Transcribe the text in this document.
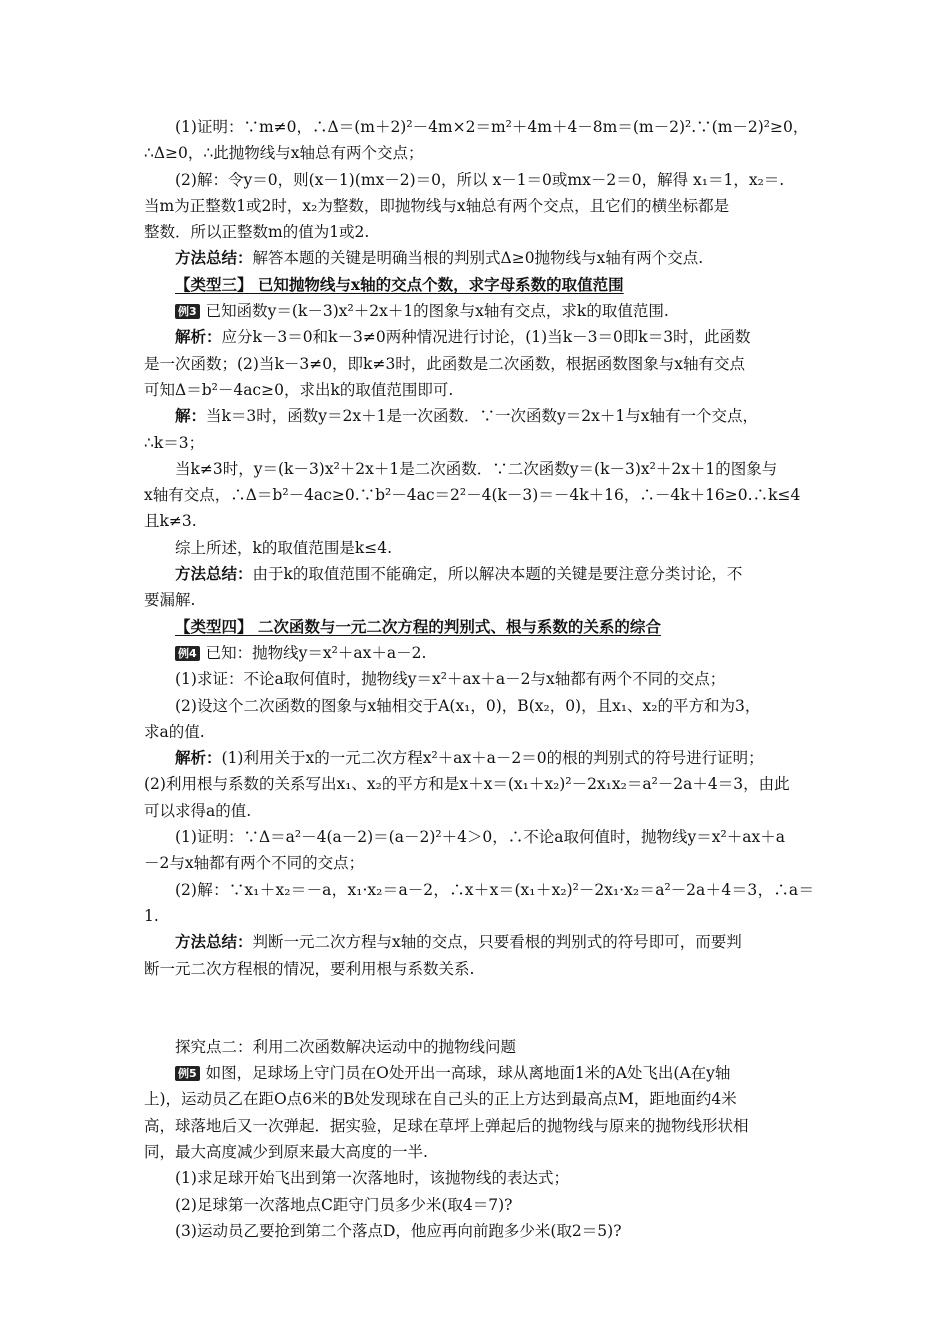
(1)证明：∵m≠0，∴Δ＝(m＋2)²－4m×2＝m²＋4m＋4－8m＝(m－2)².∵(m－2)²≥0，
∴Δ≥0，∴此抛物线与x轴总有两个交点；
(2)解：令y＝0，则(x－1)(mx－2)＝0，所以 x－1＝0或mx－2＝0，解得 x₁＝1，x₂＝.
当m为正整数1或2时，x₂为整数，即抛物线与x轴总有两个交点，且它们的横坐标都是
整数．所以正整数m的值为1或2.
方法总结：解答本题的关键是明确当根的判别式Δ≥0抛物线与x轴有两个交点.
【类型三】 已知抛物线与x轴的交点个数，求字母系数的取值范围
例3 已知函数y＝(k－3)x²＋2x＋1的图象与x轴有交点，求k的取值范围.
解析：应分k－3＝0和k－3≠0两种情况进行讨论，(1)当k－3＝0即k＝3时，此函数
是一次函数；(2)当k－3≠0，即k≠3时，此函数是二次函数，根据函数图象与x轴有交点
可知Δ＝b²－4ac≥0，求出k的取值范围即可.
解：当k＝3时，函数y＝2x＋1是一次函数．∵一次函数y＝2x＋1与x轴有一个交点，
∴k＝3；
当k≠3时，y＝(k－3)x²＋2x＋1是二次函数．∵二次函数y＝(k－3)x²＋2x＋1的图象与
x轴有交点，∴Δ＝b²－4ac≥0.∵b²－4ac＝2²－4(k－3)＝－4k＋16，∴－4k＋16≥0.∴k≤4
且k≠3.
综上所述，k的取值范围是k≤4.
方法总结：由于k的取值范围不能确定，所以解决本题的关键是要注意分类讨论，不
要漏解.
【类型四】 二次函数与一元二次方程的判别式、根与系数的关系的综合
例4 已知：抛物线y＝x²＋ax＋a－2.
(1)求证：不论a取何值时，抛物线y＝x²＋ax＋a－2与x轴都有两个不同的交点；
(2)设这个二次函数的图象与x轴相交于A(x₁，0)，B(x₂，0)，且x₁、x₂的平方和为3，
求a的值.
解析：(1)利用关于x的一元二次方程x²＋ax＋a－2＝0的根的判别式的符号进行证明；
(2)利用根与系数的关系写出x₁、x₂的平方和是x＋x＝(x₁＋x₂)²－2x₁x₂＝a²－2a＋4＝3，由此
可以求得a的值.
(1)证明：∵Δ＝a²－4(a－2)＝(a－2)²＋4＞0，∴不论a取何值时，抛物线y＝x²＋ax＋a
－2与x轴都有两个不同的交点；
(2)解：∵x₁＋x₂＝－a，x₁·x₂＝a－2，∴x＋x＝(x₁＋x₂)²－2x₁·x₂＝a²－2a＋4＝3，∴a＝1.
方法总结：判断一元二次方程与x轴的交点，只要看根的判别式的符号即可，而要判
断一元二次方程根的情况，要利用根与系数关系.
探究点二：利用二次函数解决运动中的抛物线问题
例5 如图，足球场上守门员在O处开出一高球，球从离地面1米的A处飞出(A在y轴
上)，运动员乙在距O点6米的B处发现球在自己头的正上方达到最高点M，距地面约4米
高，球落地后又一次弹起．据实验，足球在草坪上弹起后的抛物线与原来的抛物线形状相
同，最大高度减少到原来最大高度的一半.
(1)求足球开始飞出到第一次落地时，该抛物线的表达式；
(2)足球第一次落地点C距守门员多少米(取4＝7)?
(3)运动员乙要抢到第二个落点D，他应再向前跑多少米(取2＝5)?
